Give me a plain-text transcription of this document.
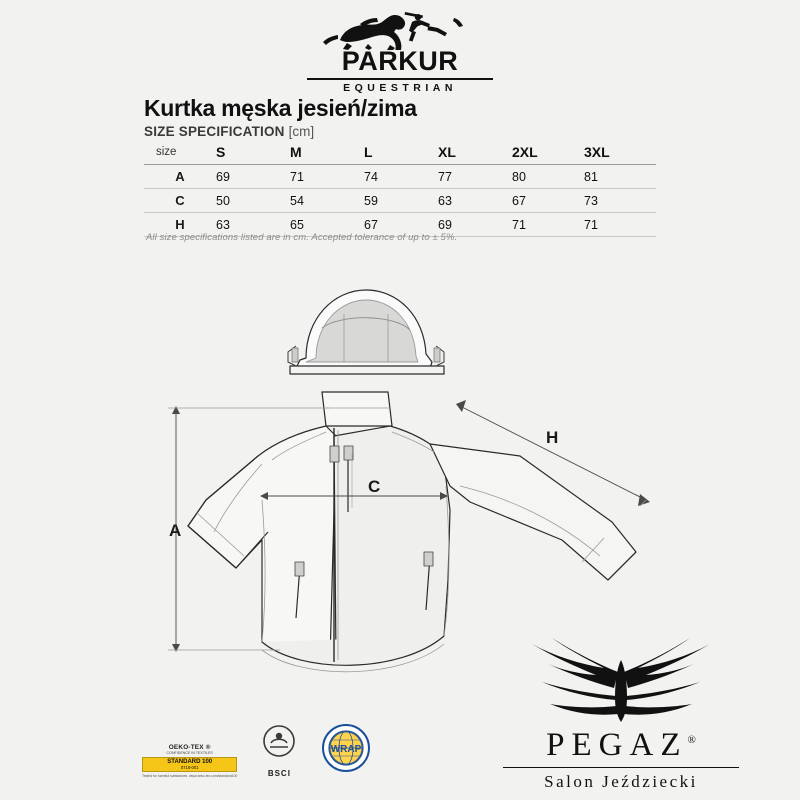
PARKUR
EQUESTRIAN
Kurtka męska jesień/zima
SIZE SPECIFICATION [cm]
size	S	M	L	XL	2XL	3XL
A	69	71	74	77	80	81
C	50	54	59	63	67	73
H	63	65	67	69	71	71
All size specifications listed are in cm. Accepted tolerance of up to ± 5%.
A
C
H
OEKO-TEX ®
CONFIDENCE IN TEXTILES
STANDARD 100
0718-001
Tested for harmful substances. www.oeko-tex.com/standard100	BSCI
WRAP	PEGAZ®
Salon Jeździecki
